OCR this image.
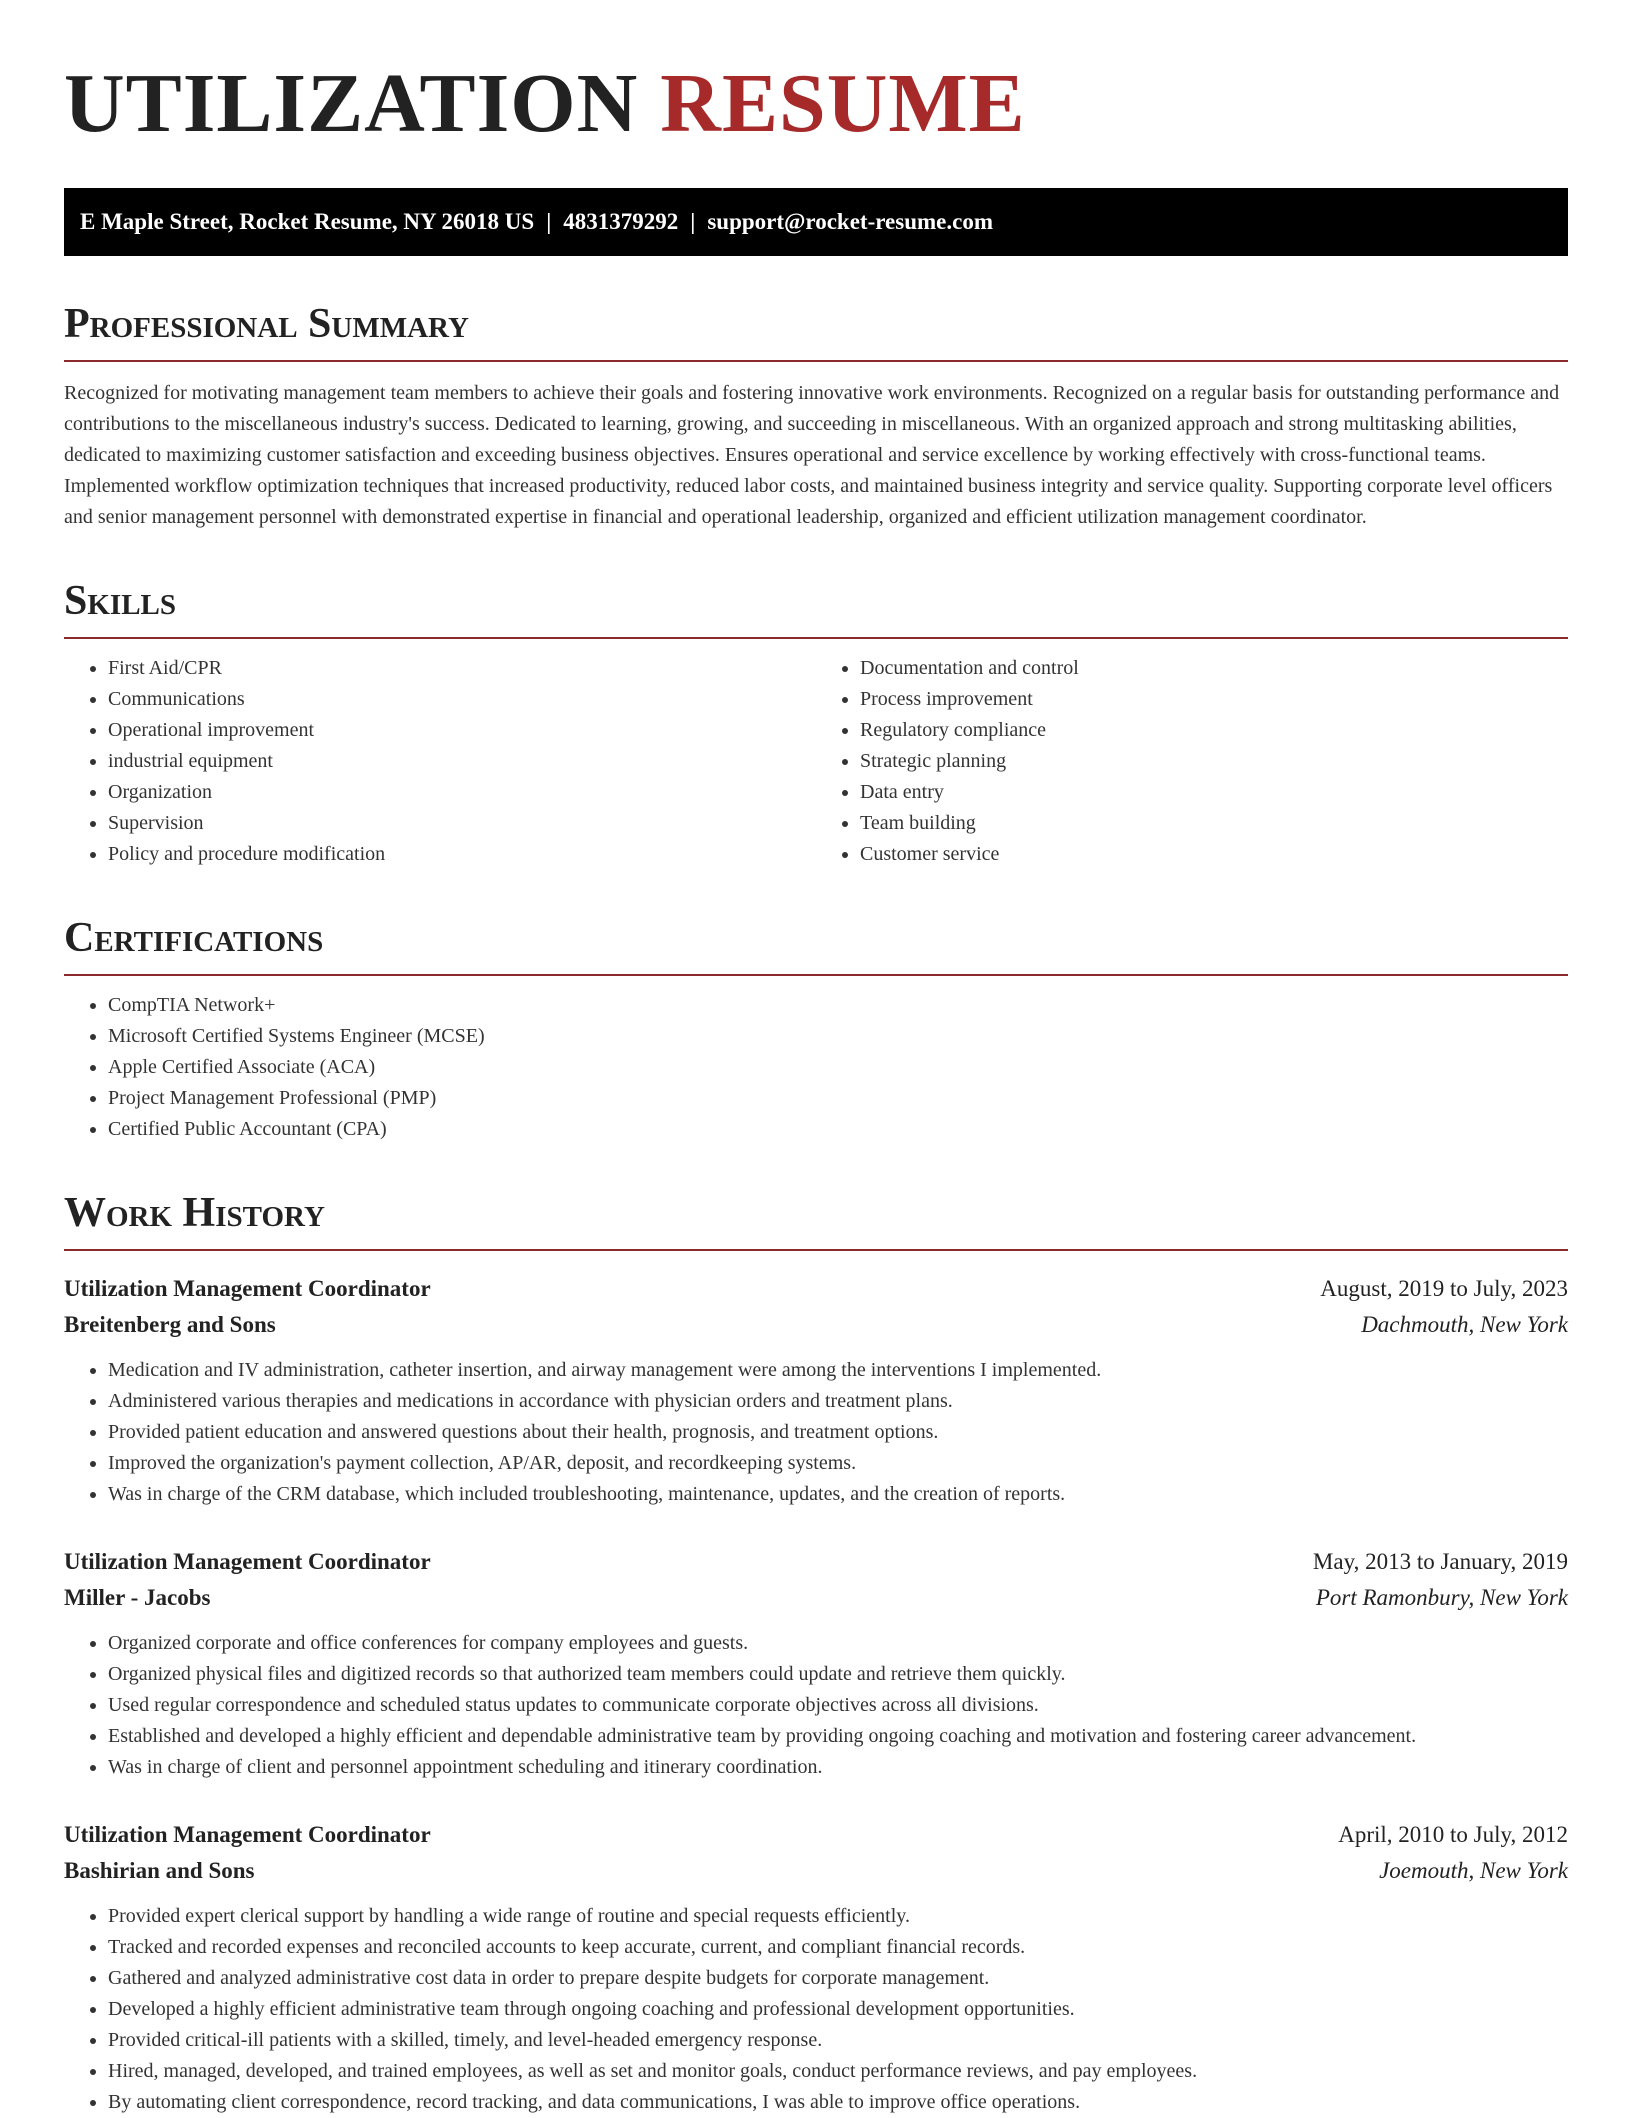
UTILIZATION RESUME
E Maple Street, Rocket Resume, NY 26018 US | 4831379292 | support@rocket-resume.com
Professional Summary

Recognized for motivating management team members to achieve their goals and fostering innovative work environments. Recognized on a regular basis for outstanding performance and contributions to the miscellaneous industry's success. Dedicated to learning, growing, and succeeding in miscellaneous. With an organized approach and strong multitasking abilities, dedicated to maximizing customer satisfaction and exceeding business objectives. Ensures operational and service excellence by working effectively with cross-functional teams. Implemented workflow optimization techniques that increased productivity, reduced labor costs, and maintained business integrity and service quality. Supporting corporate level officers and senior management personnel with demonstrated expertise in financial and operational leadership, organized and efficient utilization management coordinator.

Skills
• First Aid/CPR
• Communications
• Operational improvement
• industrial equipment
• Organization
• Supervision
• Policy and procedure modification
• Documentation and control
• Process improvement
• Regulatory compliance
• Strategic planning
• Data entry
• Team building
• Customer service
Certifications
• CompTIA Network+
• Microsoft Certified Systems Engineer (MCSE)
• Apple Certified Associate (ACA)
• Project Management Professional (PMP)
• Certified Public Accountant (CPA)
Work History
Utilization Management Coordinator	August, 2019 to July, 2023
Breitenberg and Sons	Dachmouth, New York
• Medication and IV administration, catheter insertion, and airway management were among the interventions I implemented.
• Administered various therapies and medications in accordance with physician orders and treatment plans.
• Provided patient education and answered questions about their health, prognosis, and treatment options.
• Improved the organization's payment collection, AP/AR, deposit, and recordkeeping systems.
• Was in charge of the CRM database, which included troubleshooting, maintenance, updates, and the creation of reports.
Utilization Management Coordinator	May, 2013 to January, 2019
Miller - Jacobs	Port Ramonbury, New York
• Organized corporate and office conferences for company employees and guests.
• Organized physical files and digitized records so that authorized team members could update and retrieve them quickly.
• Used regular correspondence and scheduled status updates to communicate corporate objectives across all divisions.
• Established and developed a highly efficient and dependable administrative team by providing ongoing coaching and motivation and fostering career advancement.
• Was in charge of client and personnel appointment scheduling and itinerary coordination.
Utilization Management Coordinator	April, 2010 to July, 2012
Bashirian and Sons	Joemouth, New York
• Provided expert clerical support by handling a wide range of routine and special requests efficiently.
• Tracked and recorded expenses and reconciled accounts to keep accurate, current, and compliant financial records.
• Gathered and analyzed administrative cost data in order to prepare despite budgets for corporate management.
• Developed a highly efficient administrative team through ongoing coaching and professional development opportunities.
• Provided critical-ill patients with a skilled, timely, and level-headed emergency response.
• Hired, managed, developed, and trained employees, as well as set and monitor goals, conduct performance reviews, and pay employees.
• By automating client correspondence, record tracking, and data communications, I was able to improve office operations.
